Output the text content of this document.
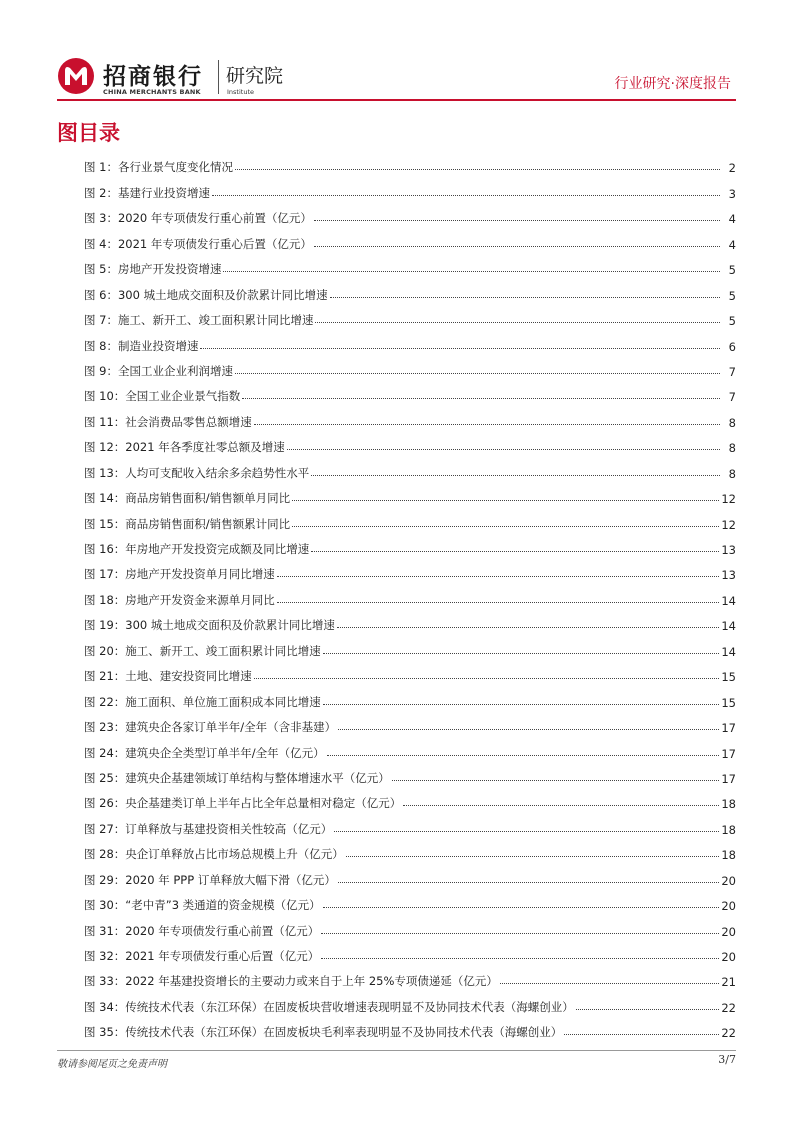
招商银行
CHINA MERCHANTS BANK
研究院
Institute	行业研究·深度报告
图目录
图 1：各行业景气度变化情况	2
图 2：基建行业投资增速	3
图 3：2020 年专项债发行重心前置（亿元）	4
图 4：2021 年专项债发行重心后置（亿元）	4
图 5：房地产开发投资增速	5
图 6：300 城土地成交面积及价款累计同比增速	5
图 7：施工、新开工、竣工面积累计同比增速	5
图 8：制造业投资增速	6
图 9：全国工业企业利润增速	7
图 10：全国工业企业景气指数	7
图 11：社会消费品零售总额增速	8
图 12：2021 年各季度社零总额及增速	8
图 13：人均可支配收入结余多余趋势性水平	8
图 14：商品房销售面积/销售额单月同比	12
图 15：商品房销售面积/销售额累计同比	12
图 16：年房地产开发投资完成额及同比增速	13
图 17：房地产开发投资单月同比增速	13
图 18：房地产开发资金来源单月同比	14
图 19：300 城土地成交面积及价款累计同比增速	14
图 20：施工、新开工、竣工面积累计同比增速	14
图 21：土地、建安投资同比增速	15
图 22：施工面积、单位施工面积成本同比增速	15
图 23：建筑央企各家订单半年/全年（含非基建）	17
图 24：建筑央企全类型订单半年/全年（亿元）	17
图 25：建筑央企基建领域订单结构与整体增速水平（亿元）	17
图 26：央企基建类订单上半年占比全年总量相对稳定（亿元）	18
图 27：订单释放与基建投资相关性较高（亿元）	18
图 28：央企订单释放占比市场总规模上升（亿元）	18
图 29：2020 年 PPP 订单释放大幅下滑（亿元）	20
图 30：“老中青”3 类通道的资金规模（亿元）	20
图 31：2020 年专项债发行重心前置（亿元）	20
图 32：2021 年专项债发行重心后置（亿元）	20
图 33：2022 年基建投资增长的主要动力或来自于上年 25%专项债递延（亿元）	21
图 34：传统技术代表（东江环保）在固废板块营收增速表现明显不及协同技术代表（海螺创业）	22
图 35：传统技术代表（东江环保）在固废板块毛利率表现明显不及协同技术代表（海螺创业）	22
敬请参阅尾页之免责声明	3/7
